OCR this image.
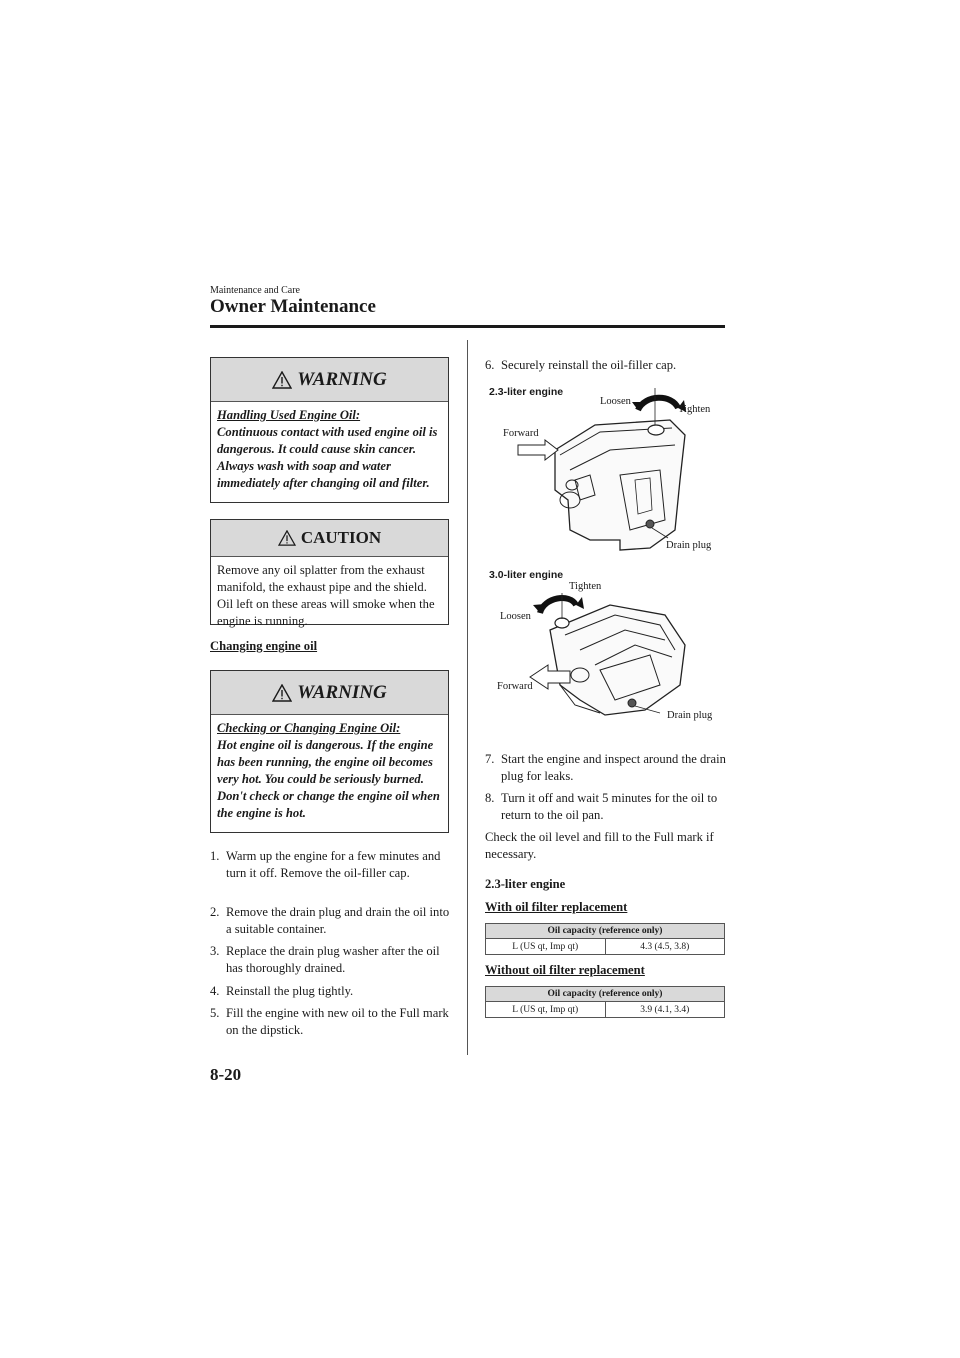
Maintenance and Care
Owner Maintenance
WARNING
Handling Used Engine Oil:
Continuous contact with used engine oil is dangerous. It could cause skin cancer. Always wash with soap and water immediately after changing oil and filter.
CAUTION
Remove any oil splatter from the exhaust manifold, the exhaust pipe and the shield. Oil left on these areas will smoke when the engine is running.
Changing engine oil
WARNING
Checking or Changing Engine Oil:
Hot engine oil is dangerous. If the engine has been running, the engine oil becomes very hot. You could be seriously burned. Don't check or change the engine oil when the engine is hot.
1. Warm up the engine for a few minutes and turn it off. Remove the oil-filler cap.
2. Remove the drain plug and drain the oil into a suitable container.
3. Replace the drain plug washer after the oil has thoroughly drained.
4. Reinstall the plug tightly.
5. Fill the engine with new oil to the Full mark on the dipstick.
6. Securely reinstall the oil-filler cap.
2.3-liter engine
Loosen
Tighten
Forward
Drain plug
3.0-liter engine
Tighten
Loosen
Forward
Drain plug
7. Start the engine and inspect around the drain plug for leaks.
8. Turn it off and wait 5 minutes for the oil to return to the oil pan.
Check the oil level and fill to the Full mark if necessary.
2.3-liter engine
With oil filter replacement
Oil capacity (reference only)
L (US qt, Imp qt)	4.3 (4.5, 3.8)
Without oil filter replacement
Oil capacity (reference only)
L (US qt, Imp qt)	3.9 (4.1, 3.4)
8-20
